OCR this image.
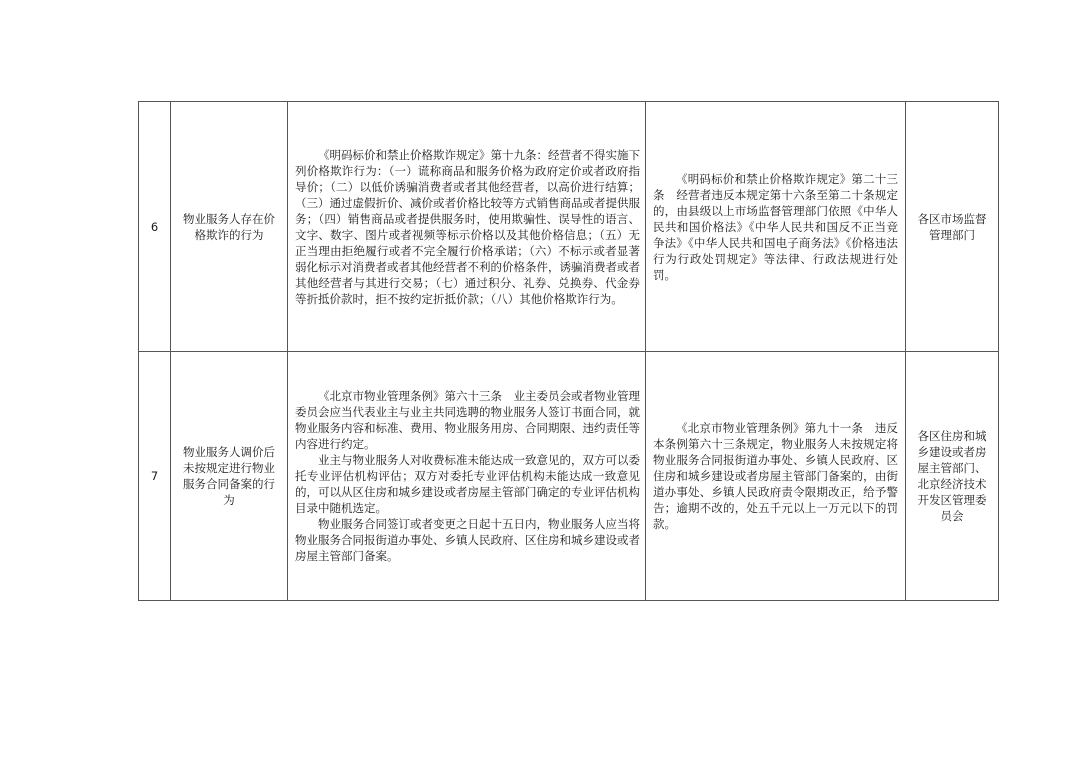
6	物业服务人存在价格欺诈的行为	《明码标价和禁止价格欺诈规定》第十九条：经营者不得实施下列价格欺诈行为：（一）谎称商品和服务价格为政府定价或者政府指导价；（二）以低价诱骗消费者或者其他经营者，以高价进行结算；（三）通过虚假折价、减价或者价格比较等方式销售商品或者提供服务；（四）销售商品或者提供服务时，使用欺骗性、误导性的语言、文字、数字、图片或者视频等标示价格以及其他价格信息；（五）无正当理由拒绝履行或者不完全履行价格承诺；（六）不标示或者显著弱化标示对消费者或者其他经营者不利的价格条件，诱骗消费者或者其他经营者与其进行交易；（七）通过积分、礼券、兑换券、代金券等折抵价款时，拒不按约定折抵价款；（八）其他价格欺诈行为。	《明码标价和禁止价格欺诈规定》第二十三条　经营者违反本规定第十六条至第二十条规定的，由县级以上市场监督管理部门依照《中华人民共和国价格法》《中华人民共和国反不正当竞争法》《中华人民共和国电子商务法》《价格违法行为行政处罚规定》等法律、行政法规进行处罚。	各区市场监督管理部门
7	物业服务人调价后未按规定进行物业服务合同备案的行为	《北京市物业管理条例》第六十三条　业主委员会或者物业管理委员会应当代表业主与业主共同选聘的物业服务人签订书面合同，就物业服务内容和标准、费用、物业服务用房、合同期限、违约责任等内容进行约定。

业主与物业服务人对收费标准未能达成一致意见的，双方可以委托专业评估机构评估；双方对委托专业评估机构未能达成一致意见的，可以从区住房和城乡建设或者房屋主管部门确定的专业评估机构目录中随机选定。

物业服务合同签订或者变更之日起十五日内，物业服务人应当将物业服务合同报街道办事处、乡镇人民政府、区住房和城乡建设或者房屋主管部门备案。	《北京市物业管理条例》第九十一条　违反本条例第六十三条规定，物业服务人未按规定将物业服务合同报街道办事处、乡镇人民政府、区住房和城乡建设或者房屋主管部门备案的，由街道办事处、乡镇人民政府责令限期改正，给予警告；逾期不改的，处五千元以上一万元以下的罚款。	各区住房和城乡建设或者房屋主管部门、北京经济技术开发区管理委员会
